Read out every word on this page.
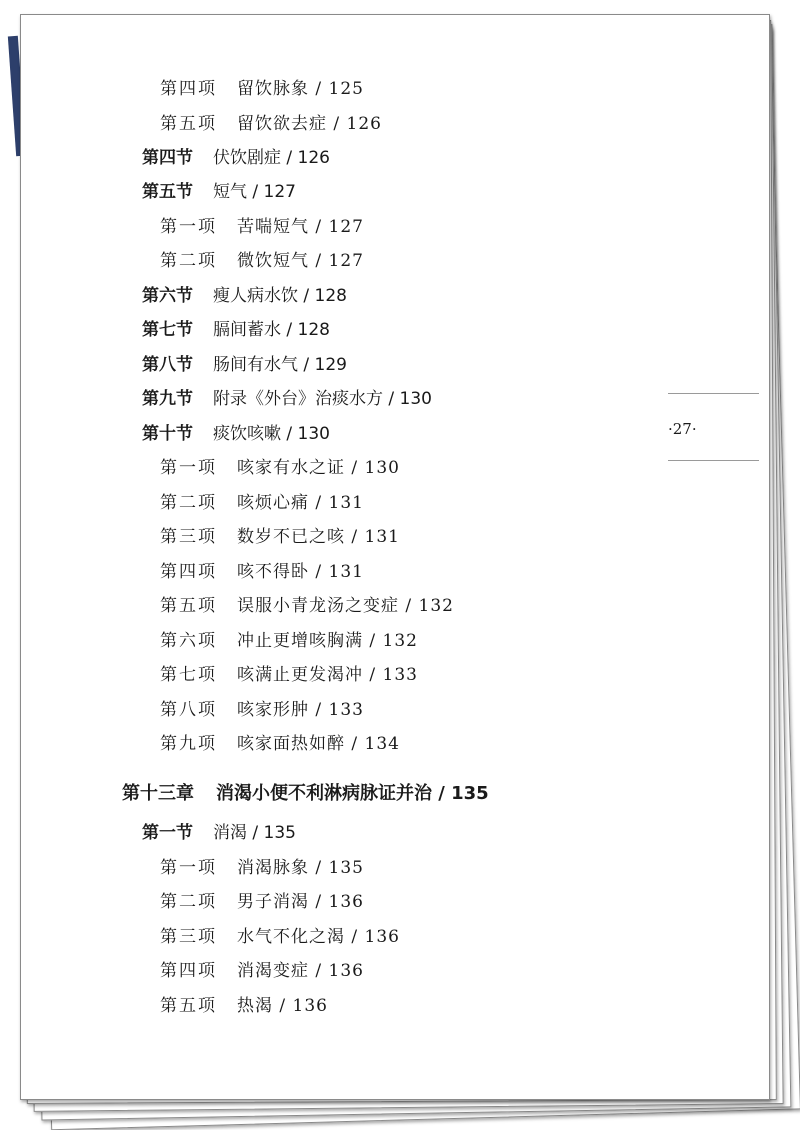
第四项 留饮脉象 / 125
第五项 留饮欲去症 / 126
第四节 伏饮剧症 / 126
第五节 短气 / 127
第一项 苦喘短气 / 127
第二项 微饮短气 / 127
第六节 瘦人病水饮 / 128
第七节 膈间蓄水 / 128
第八节 肠间有水气 / 129
第九节 附录《外台》治痰水方 / 130
第十节 痰饮咳嗽 / 130
第一项 咳家有水之证 / 130
第二项 咳烦心痛 / 131
第三项 数岁不已之咳 / 131
第四项 咳不得卧 / 131
第五项 误服小青龙汤之变症 / 132
第六项 冲止更增咳胸满 / 132
第七项 咳满止更发渴冲 / 133
第八项 咳家形肿 / 133
第九项 咳家面热如醉 / 134
第十三章 消渴小便不利淋病脉证并治 / 135
第一节 消渴 / 135
第一项 消渴脉象 / 135
第二项 男子消渴 / 136
第三项 水气不化之渴 / 136
第四项 消渴变症 / 136
第五项 热渴 / 136
·27·
